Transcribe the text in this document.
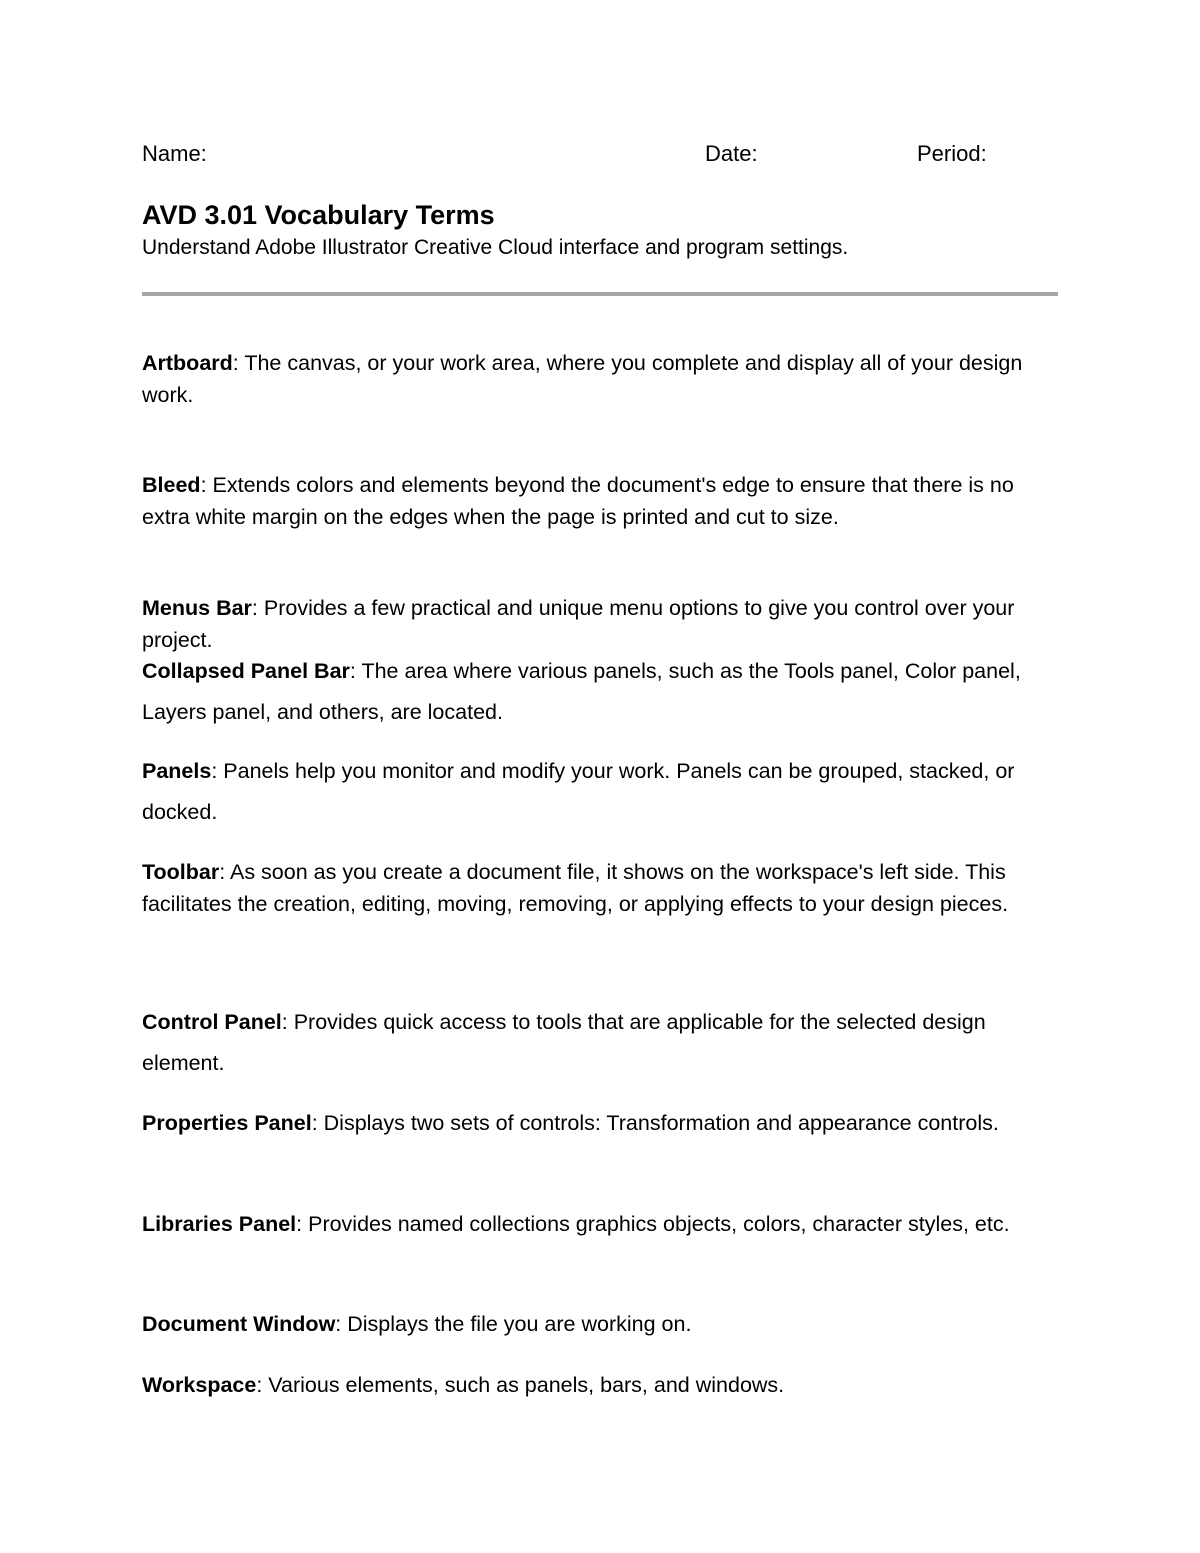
Name:	Date:	Period:
AVD 3.01 Vocabulary Terms
Understand Adobe Illustrator Creative Cloud interface and program settings.
Artboard: The canvas, or your work area, where you complete and display all of your design work.
Bleed: Extends colors and elements beyond the document's edge to ensure that there is no extra white margin on the edges when the page is printed and cut to size.
Menus Bar: Provides a few practical and unique menu options to give you control over your project.
Collapsed Panel Bar: The area where various panels, such as the Tools panel, Color panel, Layers panel, and others, are located.
Panels: Panels help you monitor and modify your work. Panels can be grouped, stacked, or docked.
Toolbar: As soon as you create a document file, it shows on the workspace's left side. This facilitates the creation, editing, moving, removing, or applying effects to your design pieces.
Control Panel: Provides quick access to tools that are applicable for the selected design element.
Properties Panel: Displays two sets of controls: Transformation and appearance controls.
Libraries Panel: Provides named collections graphics objects, colors, character styles, etc.
Document Window: Displays the file you are working on.
Workspace: Various elements, such as panels, bars, and windows.
